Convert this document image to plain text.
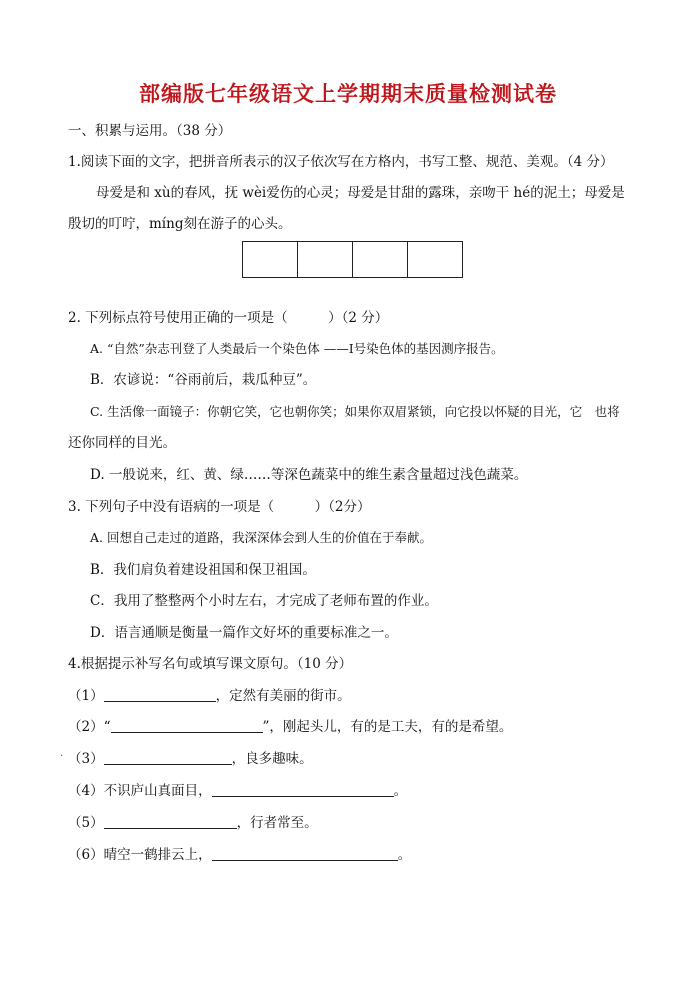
部编版七年级语文上学期期末质量检测试卷
一、积累与运用。（38 分）
1.阅读下面的文字，把拼音所表示的汉子依次写在方格内，书写工整、规范、美观。（4 分）
母爱是和 xù的春风，抚 wèi爱伤的心灵；母爱是甘甜的露珠，亲吻干 hé的泥土；母爱是
殷切的叮咛，míng刻在游子的心头。
2. 下列标点符号使用正确的一项是（　　　）（2 分）
A. “自然”杂志刊登了人类最后一个染色体 ——Ⅰ号染色体的基因测序报告。
B．农谚说：“谷雨前后，栽瓜种豆”。
C. 生活像一面镜子：你朝它笑，它也朝你笑；如果你双眉紧锁，向它投以怀疑的目光，它　也将
还你同样的目光。
D. 一般说来，红、黄、绿……等深色蔬菜中的维生素含量超过浅色蔬菜。
3. 下列句子中没有语病的一项是（　　　）（2分）
A. 回想自己走过的道路，我深深体会到人生的价值在于奉献。
B．我们肩负着建设祖国和保卫祖国。
C．我用了整整两个小时左右，才完成了老师布置的作业。
D．语言通顺是衡量一篇作文好坏的重要标准之一。
4.根据提示补写名句或填写课文原句。（10 分）
（1）	，定然有美丽的街市。
（2）“	”，刚起头儿，有的是工夫，有的是希望。
. （3）	，良多趣味。
（4）不识庐山真面目，	。
（5）	，行者常至。
（6）晴空一鹤排云上，	。
